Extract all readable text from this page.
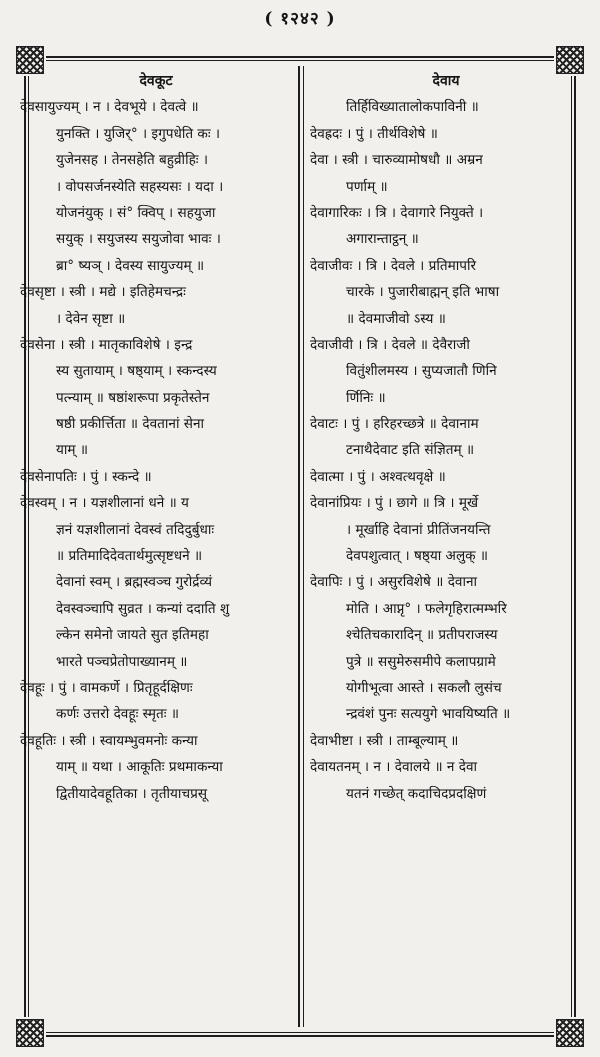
( १२४२ )
देवकूट
देवसायुज्यम् । न । देवभूये । देवत्वे ॥
युनक्ति । युजिर्° । इगुपधेति कः ।
युजेनसह । तेनसहेति बहुव्रीहिः ।
। वोपसर्जनस्येति सहस्यसः । यदा ।
योजनंयुक् । सं° क्विप् । सहयुजा
सयुक् । सयुजस्य सयुजोवा भावः ।
ब्रा° ष्यञ् । देवस्य सायुज्यम् ॥
देवसृष्टा । स्त्री । मद्ये । इतिहेमचन्द्रः
। देवेन सृष्टा ॥
देवसेना । स्त्री । मातृकाविशेषे । इन्द्र
स्य सुतायाम् । षष्ठ्याम् । स्कन्दस्य
पत्न्याम् ॥ षष्ठांशरूपा प्रकृतेस्तेन
षष्ठी प्रकीर्त्तिता ॥ देवतानां सेना
याम् ॥
देवसेनापतिः । पुं । स्कन्दे ॥
देवस्वम् । न । यज्ञशीलानां धने ॥ य
ज्ञनं यज्ञशीलानां देवस्वं तदिदुर्बुधाः
॥ प्रतिमादिदेवतार्थमुत्सृष्टधने ॥
देवानां स्वम् । ब्रह्मस्वञ्च गुरोर्द्रव्यं
देवस्वञ्चापि सुव्रत । कन्यां ददाति शु
ल्केन समेनो जायते सुत इतिमहा
भारते पञ्चप्रेतोपाख्यानम् ॥
देवहूः । पुं । वामकर्णे । प्रितृहूर्दक्षिणः
कर्णः उत्तरो देवहूः स्मृतः ॥
देवहूतिः । स्त्री । स्वायम्भुवमनोः कन्या
याम् ॥ यथा । आकूतिः प्रथमाकन्या
द्वितीयादेवहूतिका । तृतीयाचप्रसू
देवाय
तिर्हिविख्यातालोकपाविनी ॥
देवह्रदः । पुं । तीर्थविशेषे ॥
देवा । स्त्री । चारुव्यामोषधौ ॥ अम्रन
पर्णाम् ॥
देवागारिकः । त्रि । देवागारे नियुक्ते ।
अगारान्ताट्ठन् ॥
देवाजीवः । त्रि । देवले । प्रतिमापरि
चारके । पुजारीबाह्मन् इति भाषा
॥ देवमाजीवो ऽस्य ॥
देवाजीवी । त्रि । देवले ॥ देवैराजी
वितुंशीलमस्य । सुप्यजातौ णिनि
र्णिनिः ॥
देवाटः । पुं । हरिहरच्छत्रे ॥ देवानाम
टनाथैदेवाट इति संज्ञितम् ॥
देवात्मा । पुं । अश्वत्थवृक्षे ॥
देवानांप्रियः । पुं । छागे ॥ त्रि । मूर्खे
। मूर्खाहि देवानां प्रीतिंजनयन्ति
देवपशुत्वात् । षष्ठ्या अलुक् ॥
देवापिः । पुं । असुरविशेषे ॥ देवाना
मोति । आप्नृ° । फलेगृहिरात्मम्भरि
श्चेतिचकारादिन् ॥ प्रतीपराजस्य
पुत्रे ॥ ससुमेरुसमीपे कलापग्रामे
योगीभूत्वा आस्ते । सकलौ लुसंच
न्द्रवंशं पुनः सत्ययुगे भावयिष्यति ॥
देवाभीष्टा । स्त्री । ताम्बूल्याम् ॥
देवायतनम् । न । देवालये ॥ न देवा
यतनं गच्छेत् कदाचिदप्रदक्षिणं
